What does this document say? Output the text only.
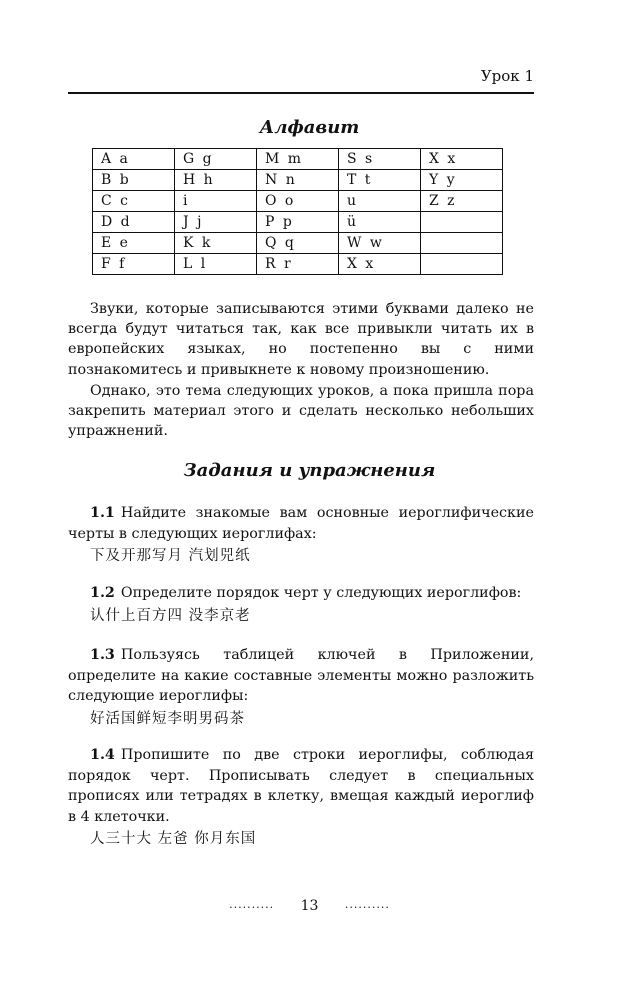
Урок 1
Алфавит
A a	G g	M m	S s	X x
B b	H h	N n	T t	Y y
C c	i	O o	u	Z z
D d	J j	P p	ü	
E e	K k	Q q	W w	
F f	L l	R r	X x	

Звуки, которые записываются этими буквами далеко не всегда будут читаться так, как все привыкли читать их в европейских языках, но постепенно вы с ними познакомитесь и привыкнете к новому произношению.

Однако, это тема следующих уроков, а пока пришла пора закрепить материал этого и сделать несколько небольших упражнений.

Задания и упражнения

1.1 Найдите знакомые вам основные иероглифические черты в следующих иероглифах:

下及开那写月 汽划兕纸

1.2 Определите порядок черт у следующих иероглифов:

认什上百方四 没李京老

1.3 Пользуясь таблицей ключей в Приложении, определите на какие составные элементы можно разложить следующие иероглифы:

好活国鲜短李明男码茶

1.4 Пропишите по две строки иероглифы, соблюдая порядок черт. Прописывать следует в специальных прописях или тетрадях в клетку, вмещая каждый иероглиф в 4 клеточки.

人三十大 左爸 你月东国
.......... 13 ..........
